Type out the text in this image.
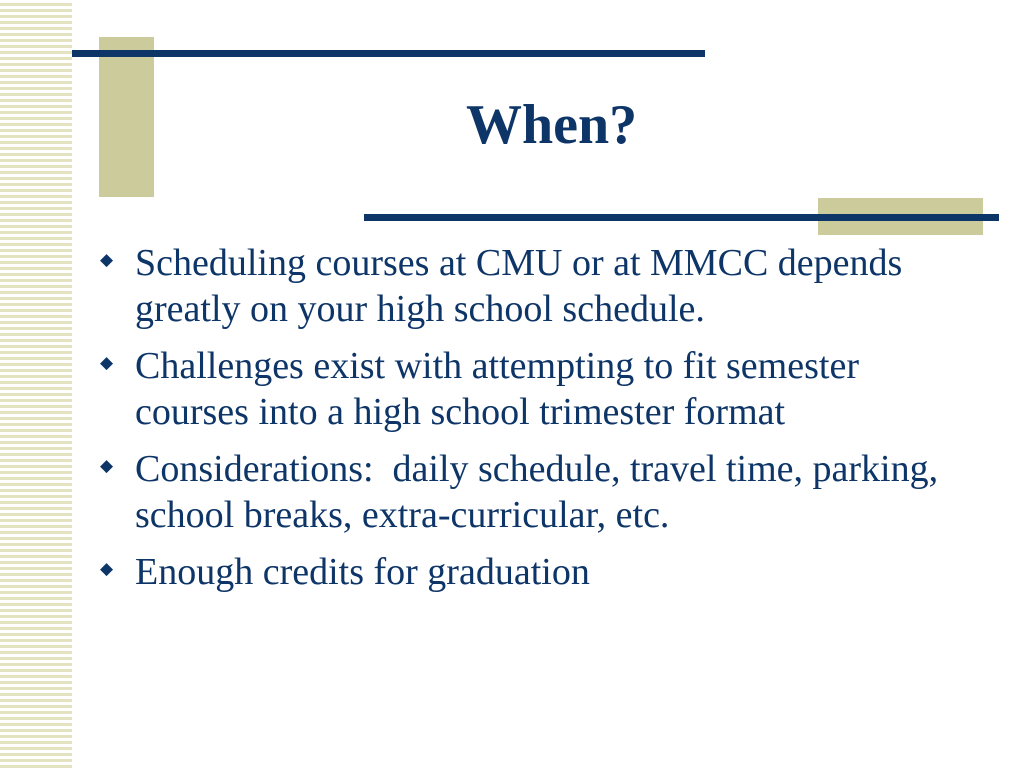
When?
◆ Scheduling courses at CMU or at MMCC depends greatly on your high school schedule.
◆ Challenges exist with attempting to fit semester courses into a high school trimester format
◆ Considerations:  daily schedule, travel time, parking, school breaks, extra-curricular, etc.
◆ Enough credits for graduation
